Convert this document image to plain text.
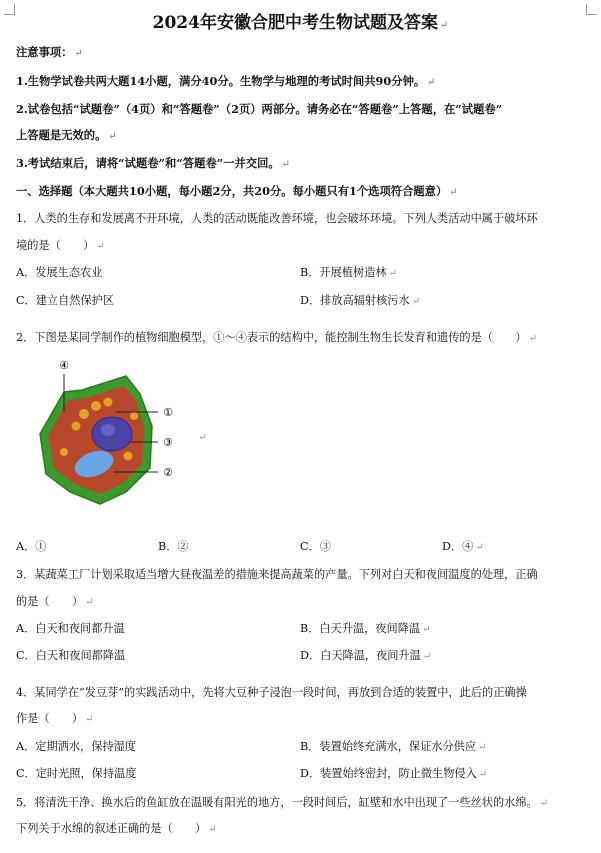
2024年安徽合肥中考生物试题及答案 ↵
注意事项： ↵
1.生物学试卷共两大题14小题，满分40分。生物学与地理的考试时间共90分钟。 ↵
2.试卷包括“试题卷”（4页）和“答题卷”（2页）两部分。请务必在“答题卷”上答题，在“试题卷”
上答题是无效的。 ↵
3.考试结束后，请将“试题卷”和“答题卷”一并交回。 ↵
一、选择题（本大题共10小题，每小题2分，共20分。每小题只有1个选项符合题意） ↵
1．人类的生存和发展离不开环境，人类的活动既能改善环境，也会破坏环境。下列人类活动中属于破坏环
境的是（　　） ↵
A．发展生态农业	B．开展植树造林 ↵
C．建立自然保护区	D．排放高辐射核污水 ↵
2．下图是某同学制作的植物细胞模型，①～④表示的结构中，能控制生物生长发育和遗传的是（　　） ↵
④
①
③
②
↵
A．①	B．②	C．③	D．④ ↵
3．某蔬菜工厂计划采取适当增大昼夜温差的措施来提高蔬菜的产量。下列对白天和夜间温度的处理，正确
的是（　　） ↵
A．白天和夜间都升温	B．白天升温，夜间降温 ↵
C．白天和夜间都降温	D．白天降温，夜间升温 ↵
4．某同学在“发豆芽”的实践活动中，先将大豆种子浸泡一段时间，再放到合适的装置中，此后的正确操
作是（　　） ↵
A．定期洒水，保持湿度	B．装置始终充满水，保证水分供应 ↵
C．定时光照，保持温度	D．装置始终密封，防止微生物侵入 ↵
5．将清洗干净、换水后的鱼缸放在温暖有阳光的地方，一段时间后，缸壁和水中出现了一些丝状的水绵。 ↵
下列关于水绵的叙述正确的是（　　） ↵
